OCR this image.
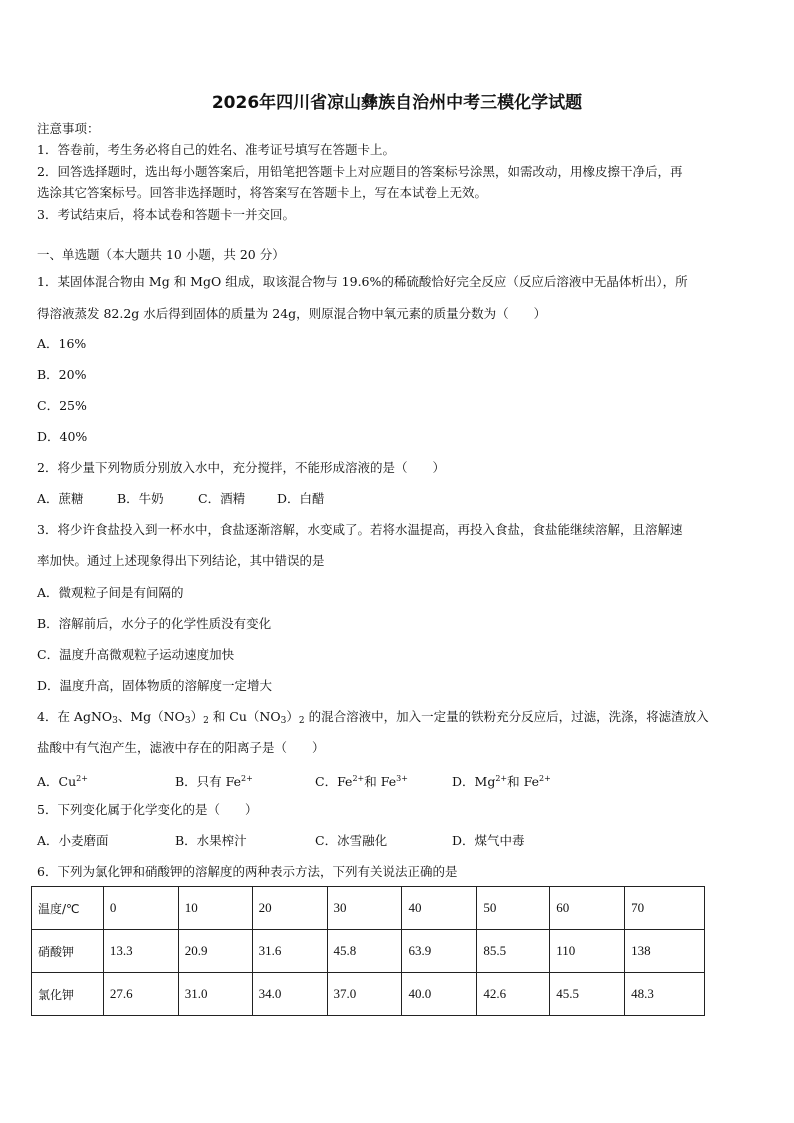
2026年四川省凉山彝族自治州中考三模化学试题
注意事项：
1．答卷前，考生务必将自己的姓名、准考证号填写在答题卡上。
2．回答选择题时，选出每小题答案后，用铅笔把答题卡上对应题目的答案标号涂黑，如需改动，用橡皮擦干净后，再
选涂其它答案标号。回答非选择题时，将答案写在答题卡上，写在本试卷上无效。
3．考试结束后，将本试卷和答题卡一并交回。
一、单选题（本大题共 10 小题，共 20 分）
1．某固体混合物由 Mg 和 MgO 组成，取该混合物与 19.6%的稀硫酸恰好完全反应（反应后溶液中无晶体析出），所
得溶液蒸发 82.2g 水后得到固体的质量为 24g，则原混合物中氧元素的质量分数为（　　）
A．16%
B．20%
C．25%
D．40%
2．将少量下列物质分别放入水中，充分搅拌，不能形成溶液的是（　　）
A．蔗糖	B．牛奶	C．酒精	D．白醋
3．将少许食盐投入到一杯水中，食盐逐渐溶解，水变咸了。若将水温提高，再投入食盐，食盐能继续溶解，且溶解速
率加快。通过上述现象得出下列结论，其中错误的是
A．微观粒子间是有间隔的
B．溶解前后，水分子的化学性质没有变化
C．温度升高微观粒子运动速度加快
D．温度升高，固体物质的溶解度一定增大
4．在 AgNO$_3$、$Mg(NO_3)_2$ 和 $Cu(NO_3)_2$ 的混合溶液中，加入一定量的铁粉充分反应后，过滤，洗涤，将滤渣放入
盐酸中有气泡产生，滤液中存在的阳离子是（　　）
A．$Cu^{2+}$	B．只有 $Fe^{2+}$	C．$Fe^{2+}$和 $Fe^{3+}$	D．$Mg^{2+}$和 $Fe^{2+}$
5．下列变化属于化学变化的是（　　）
A．小麦磨面	B．水果榨汁	C．冰雪融化	D．煤气中毒
6．下列为氯化钾和硝酸钾的溶解度的两种表示方法，下列有关说法正确的是
温度/℃	0	10	20	30	40	50	60	70
硝酸钾	13.3	20.9	31.6	45.8	63.9	85.5	110	138
氯化钾	27.6	31.0	34.0	37.0	40.0	42.6	45.5	48.3
